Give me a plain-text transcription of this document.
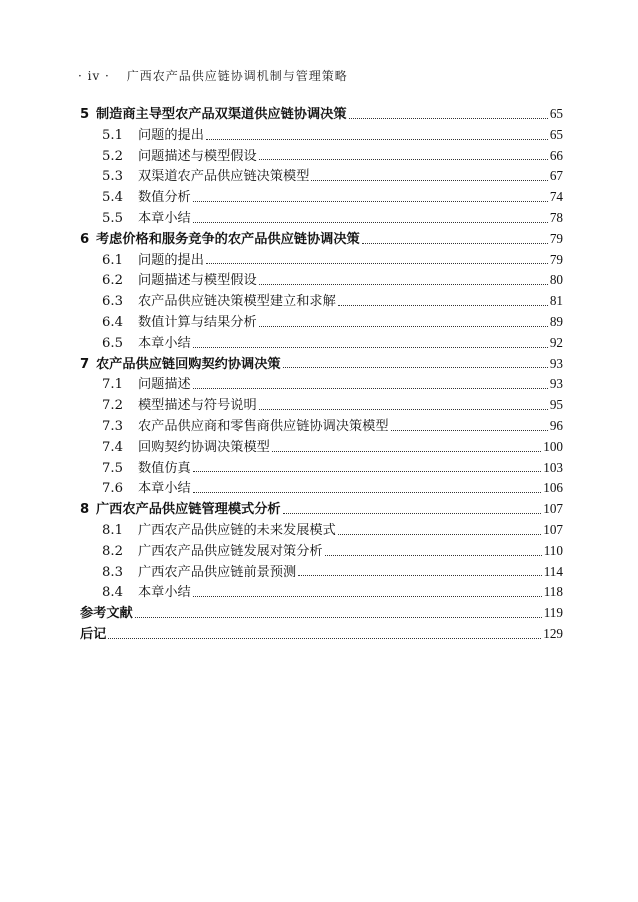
· iv · 广西农产品供应链协调机制与管理策略
5 制造商主导型农产品双渠道供应链协调决策	65
5.1	问题的提出	65
5.2	问题描述与模型假设	66
5.3	双渠道农产品供应链决策模型	67
5.4	数值分析	74
5.5	本章小结	78
6 考虑价格和服务竞争的农产品供应链协调决策	79
6.1	问题的提出	79
6.2	问题描述与模型假设	80
6.3	农产品供应链决策模型建立和求解	81
6.4	数值计算与结果分析	89
6.5	本章小结	92
7 农产品供应链回购契约协调决策	93
7.1	问题描述	93
7.2	模型描述与符号说明	95
7.3	农产品供应商和零售商供应链协调决策模型	96
7.4	回购契约协调决策模型	100
7.5	数值仿真	103
7.6	本章小结	106
8 广西农产品供应链管理模式分析	107
8.1	广西农产品供应链的未来发展模式	107
8.2	广西农产品供应链发展对策分析	110
8.3	广西农产品供应链前景预测	114
8.4	本章小结	118
参考文献	119
后记	129
